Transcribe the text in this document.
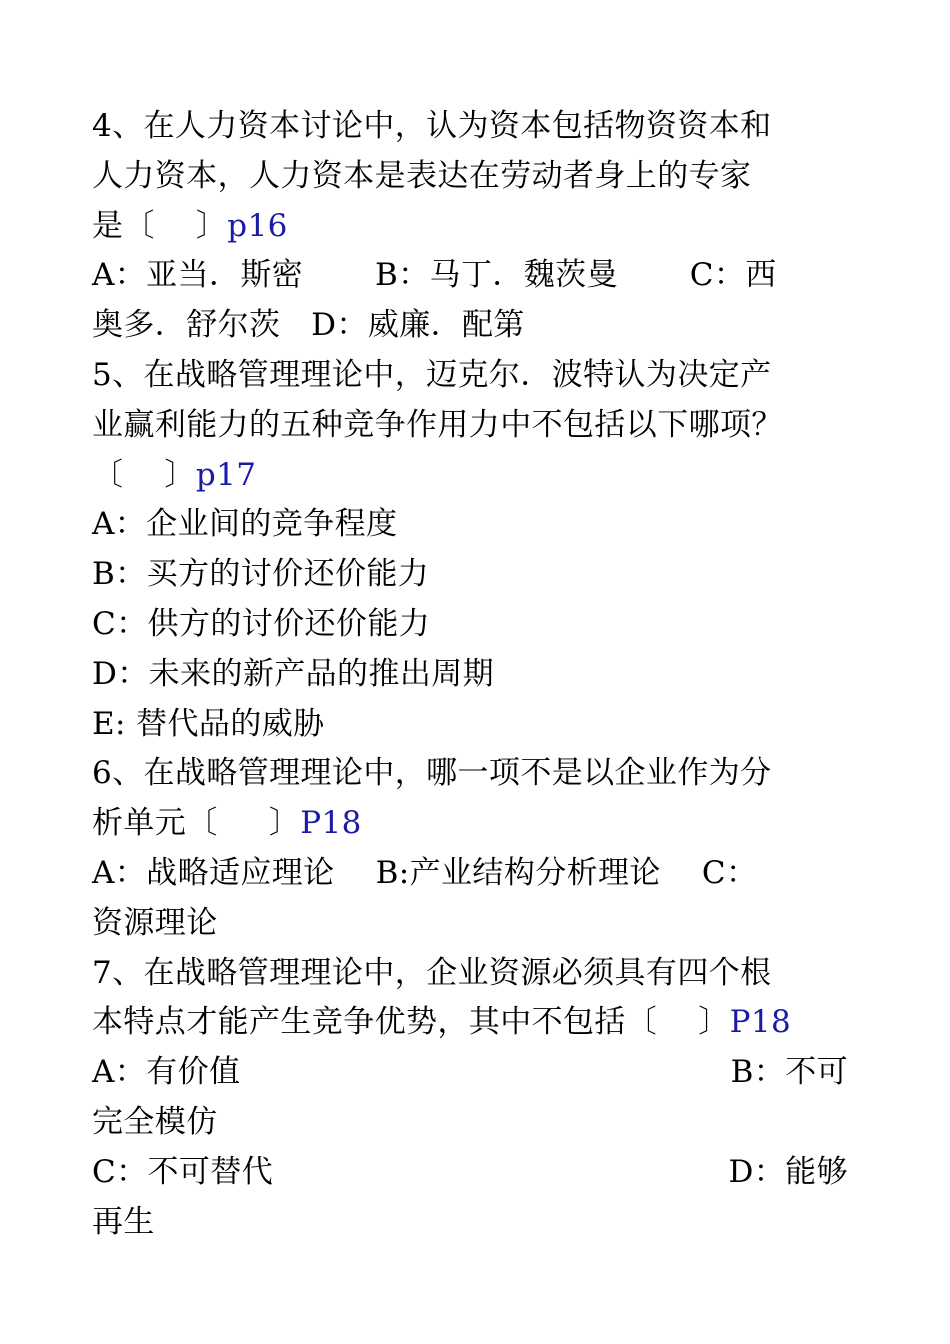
4、在人力资本讨论中，认为资本包括物资资本和
人力资本，人力资本是表达在劳动者身上的专家
是〔    〕p16
A：亚当．斯密       B：马丁．魏茨曼       C：西
奥多．舒尔茨   D：威廉．配第
5、在战略管理理论中，迈克尔．波特认为决定产
业赢利能力的五种竞争作用力中不包括以下哪项？
〔    〕p17
A：企业间的竞争程度
B：买方的讨价还价能力
C：供方的讨价还价能力
D：未来的新产品的推出周期
E: 替代品的威胁
6、在战略管理理论中，哪一项不是以企业作为分
析单元〔     〕P18
A：战略适应理论    B:产业结构分析理论    C：
资源理论
7、在战略管理理论中，企业资源必须具有四个根
本特点才能产生竞争优势，其中不包括〔    〕P18
A：有价值	B：不可
完全模仿
C：不可替代	D：能够
再生
